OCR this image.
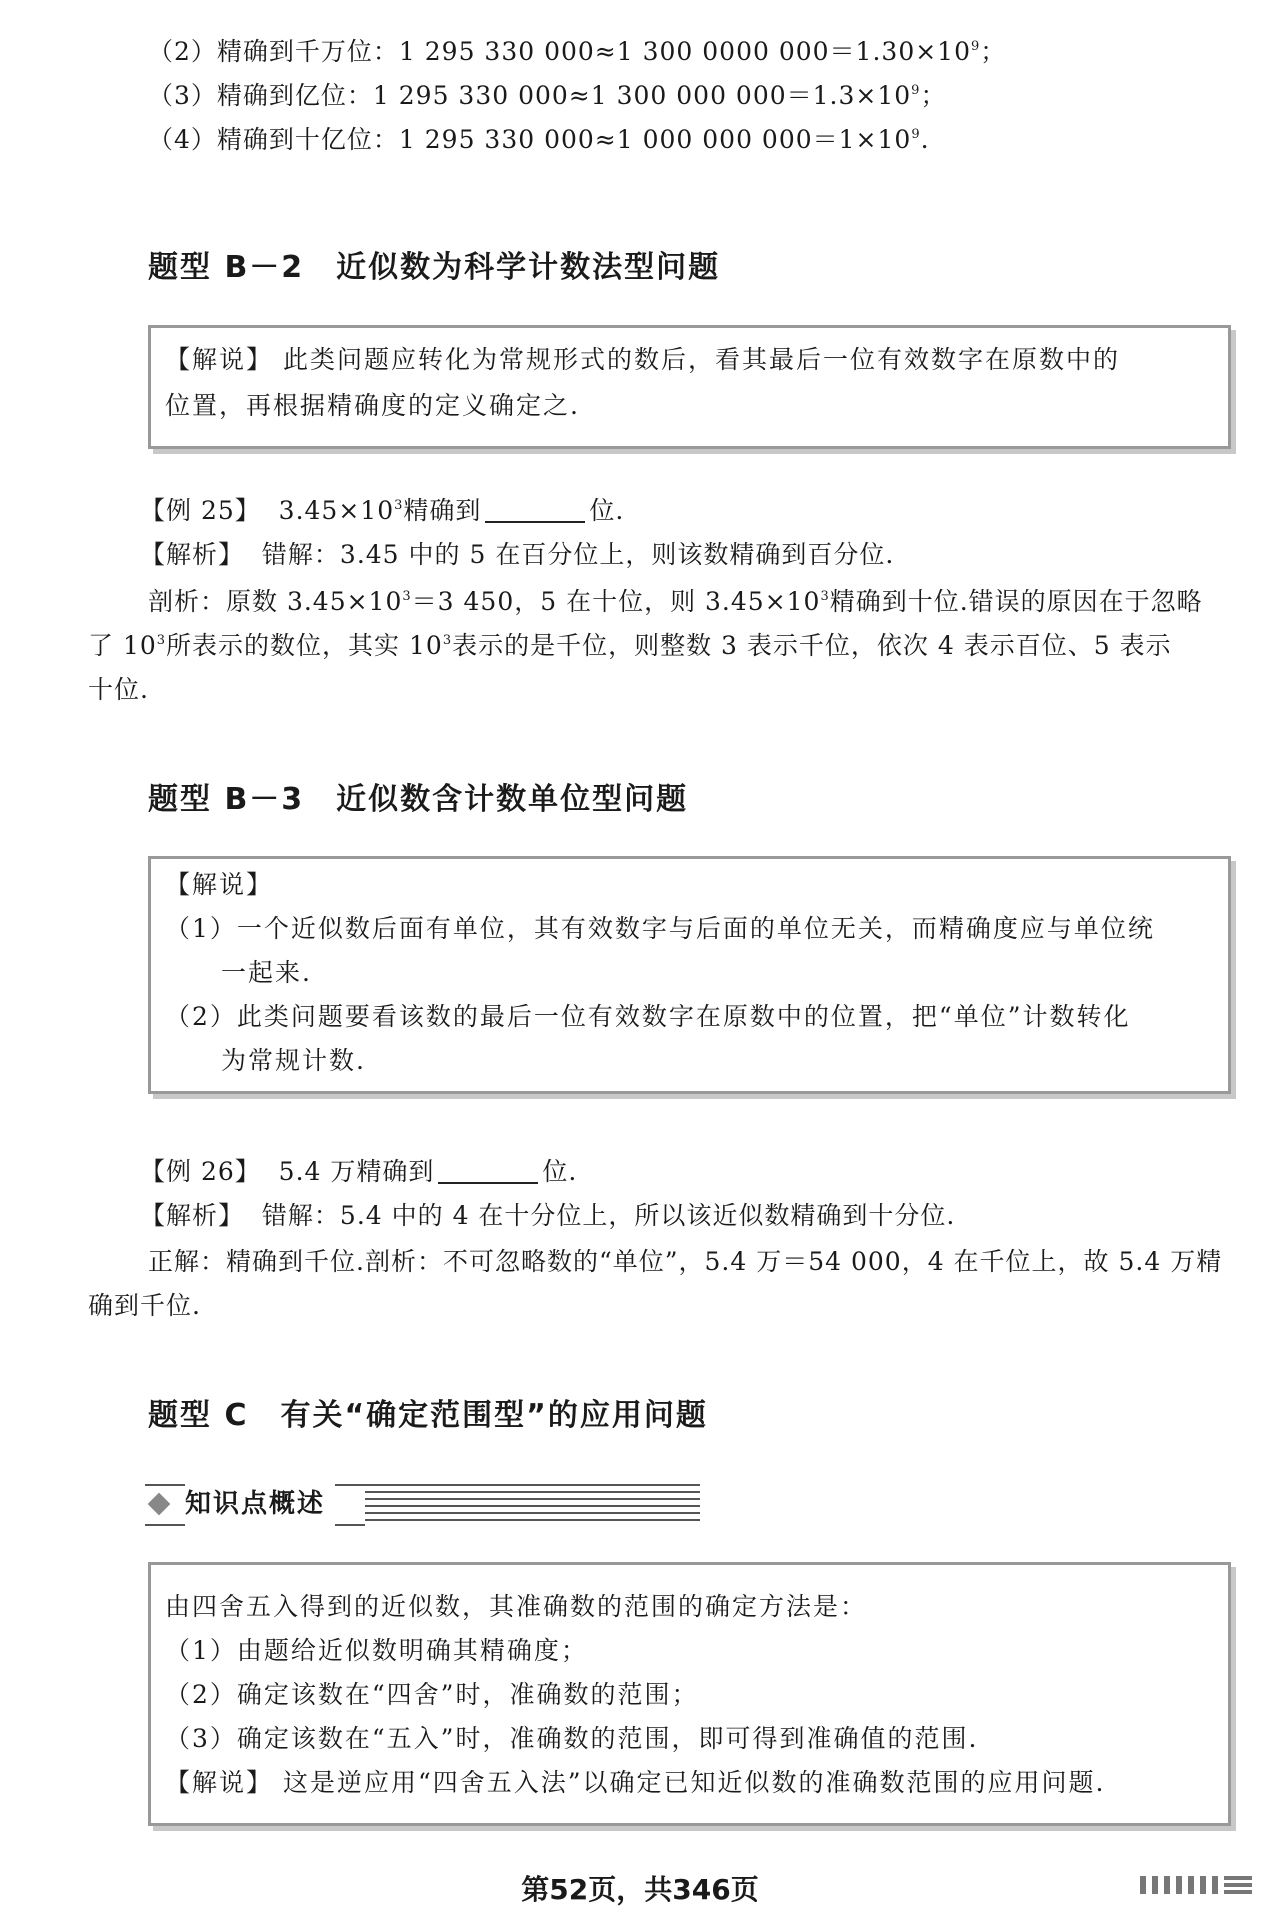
（2）精确到千万位：1 295 330 000≈1 300 0000 $000=1.30\times 10^9$；
（3）精确到亿位：1 295 330 000≈1 300 000 $000=1.3\times 10^9$；
（4）精确到十亿位：1 295 330 000≈1 000 000 $000=1\times 10^9$.
题型 B－2　近似数为科学计数法型问题
【解说】 此类问题应转化为常规形式的数后，看其最后一位有效数字在原数中的
位置，再根据精确度的定义确定之.
【例 25】 $3.45\times 10^3$精确到	位.
【解析】 错解：3.45 中的 5 在百分位上，则该数精确到百分位.
剖析：原数 $3.45\times 10^3=3$ 450，5 在十位，则 $3.45\times 10^3$精确到十位.错误的原因在于忽略
了 $10^3$所表示的数位，其实 $10^3$表示的是千位，则整数 3 表示千位，依次 4 表示百位、5 表示
十位.
题型 B－3　近似数含计数单位型问题
【解说】
（1）一个近似数后面有单位，其有效数字与后面的单位无关，而精确度应与单位统
一起来.
（2）此类问题要看该数的最后一位有效数字在原数中的位置，把“单位”计数转化
为常规计数.
【例 26】 5.4 万精确到	位.
【解析】 错解：5.4 中的 4 在十分位上，所以该近似数精确到十分位.
正解：精确到千位.剖析：不可忽略数的“单位”，5.4 万＝54 000，4 在千位上，故 5.4 万精
确到千位.
题型 C　有关“确定范围型”的应用问题
知识点概述
由四舍五入得到的近似数，其准确数的范围的确定方法是：
（1）由题给近似数明确其精确度；
（2）确定该数在“四舍”时，准确数的范围；
（3）确定该数在“五入”时，准确数的范围，即可得到准确值的范围.
【解说】 这是逆应用“四舍五入法”以确定已知近似数的准确数范围的应用问题.
第52页，共346页
